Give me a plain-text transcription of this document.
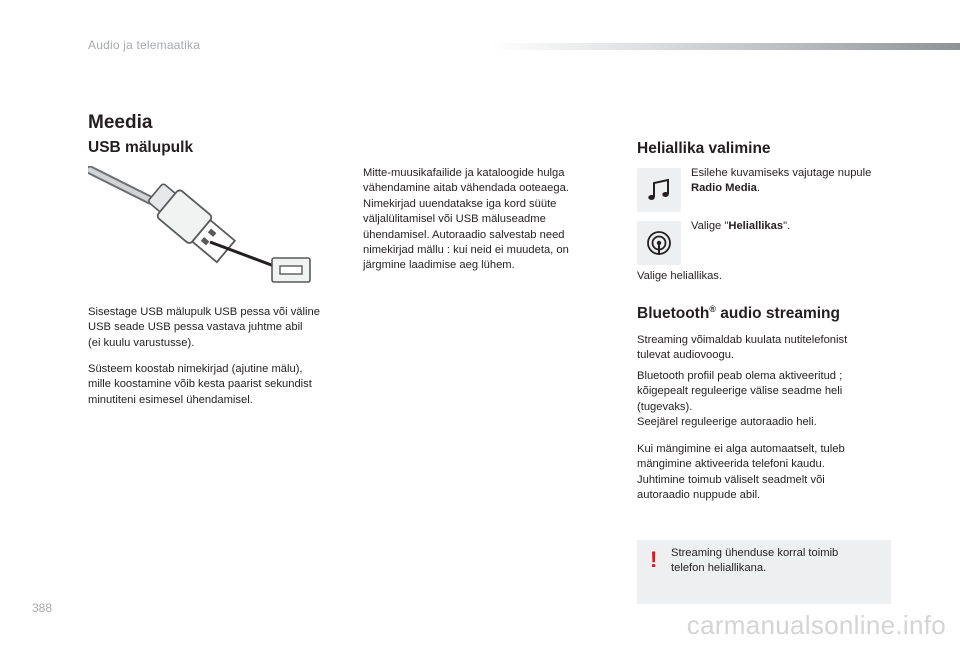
Audio ja telemaatika
Meedia
USB mälupulk
Mitte-muusikafailide ja kataloogide hulga
vähendamine aitab vähendada ooteaega.
Nimekirjad uuendatakse iga kord süüte
väljalülitamisel või USB mäluseadme
ühendamisel. Autoraadio salvestab need
nimekirjad mällu : kui neid ei muudeta, on
järgmine laadimise aeg lühem.
Sisestage USB mälupulk USB pessa või väline
USB seade USB pessa vastava juhtme abil
(ei kuulu varustusse).
Süsteem koostab nimekirjad (ajutine mälu),
mille koostamine võib kesta paarist sekundist
minutiteni esimesel ühendamisel.
Heliallika valimine
Esilehe kuvamiseks vajutage nupule
Radio Media.
Valige "Heliallikas".
Valige heliallikas.
Bluetooth® audio streaming
Streaming võimaldab kuulata nutitelefonist
tulevat audiovoogu.
Bluetooth profiil peab olema aktiveeritud ;
kõigepealt reguleerige välise seadme heli
(tugevaks).
Seejärel reguleerige autoraadio heli.
Kui mängimine ei alga automaatselt, tuleb
mängimine aktiveerida telefoni kaudu.
Juhtimine toimub väliselt seadmelt või
autoraadio nuppude abil.
! Streaming ühenduse korral toimib
telefon heliallikana.
388
carmanualsonline.info
